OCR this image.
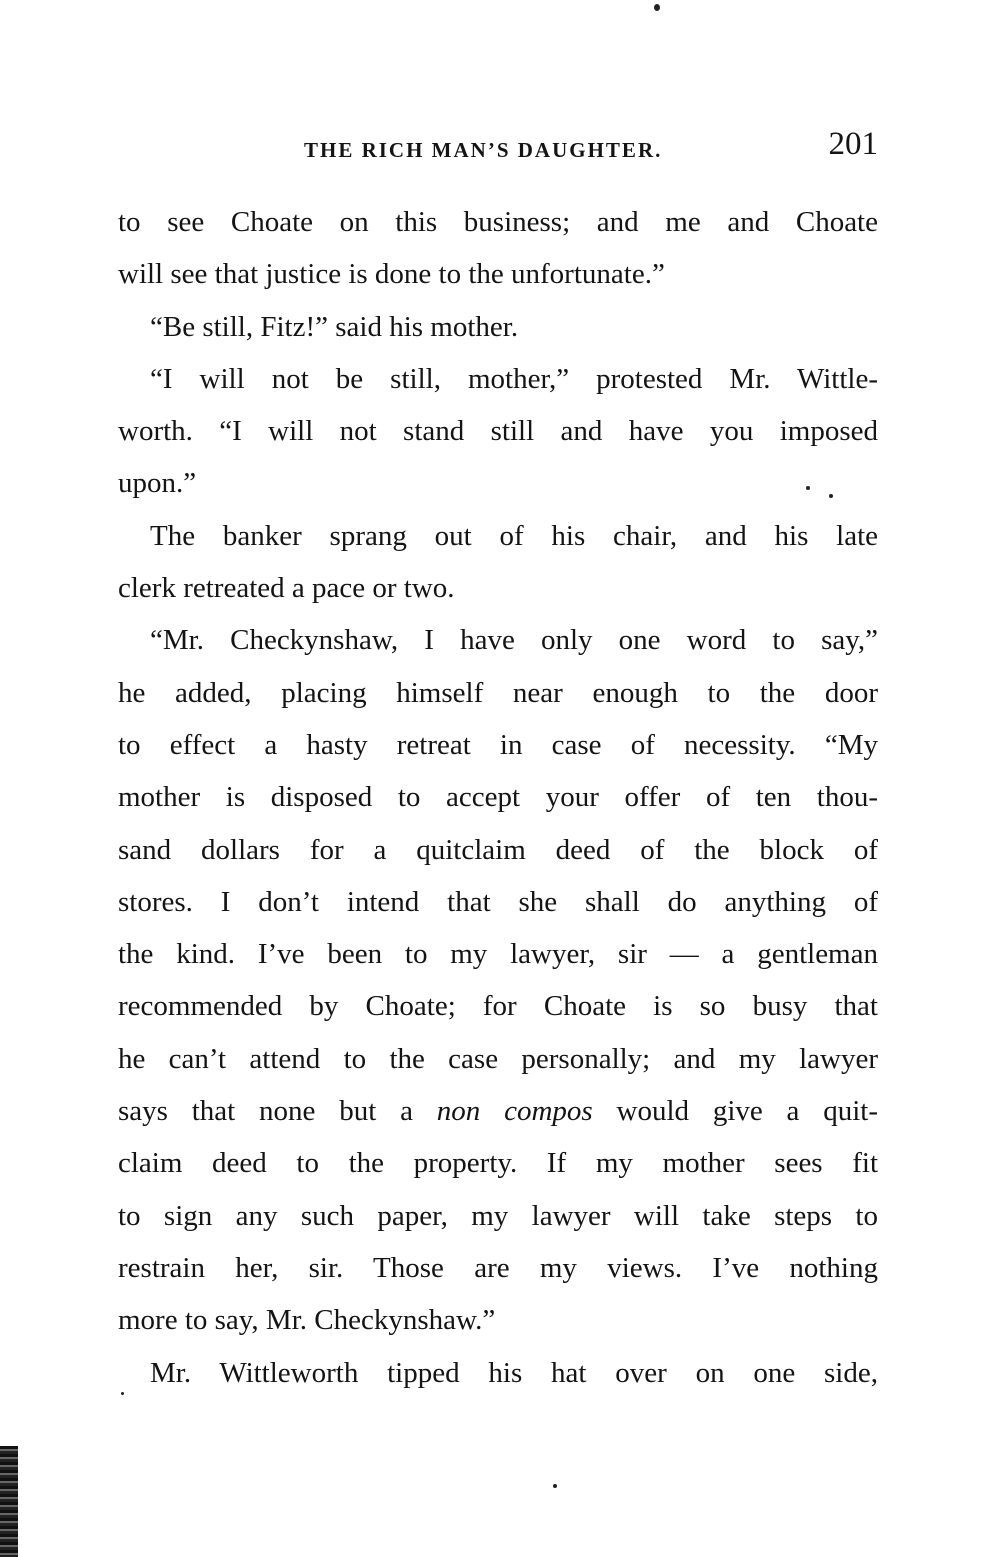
THE RICH MAN’S DAUGHTER.	201
to see Choate on this business; and me and Choate
will see that justice is done to the unfortunate.”
“Be still, Fitz!” said his mother.
“I will not be still, mother,” protested Mr. Wittle-
worth. “I will not stand still and have you imposed
upon.”
The banker sprang out of his chair, and his late
clerk retreated a pace or two.
“Mr. Checkynshaw, I have only one word to say,”
he added, placing himself near enough to the door
to effect a hasty retreat in case of necessity. “My
mother is disposed to accept your offer of ten thou-
sand dollars for a quitclaim deed of the block of
stores. I don’t intend that she shall do anything of
the kind. I’ve been to my lawyer, sir — a gentleman
recommended by Choate; for Choate is so busy that
he can’t attend to the case personally; and my lawyer
says that none but a non compos would give a quit-
claim deed to the property. If my mother sees fit
to sign any such paper, my lawyer will take steps to
restrain her, sir. Those are my views. I’ve nothing
more to say, Mr. Checkynshaw.”
Mr. Wittleworth tipped his hat over on one side,
